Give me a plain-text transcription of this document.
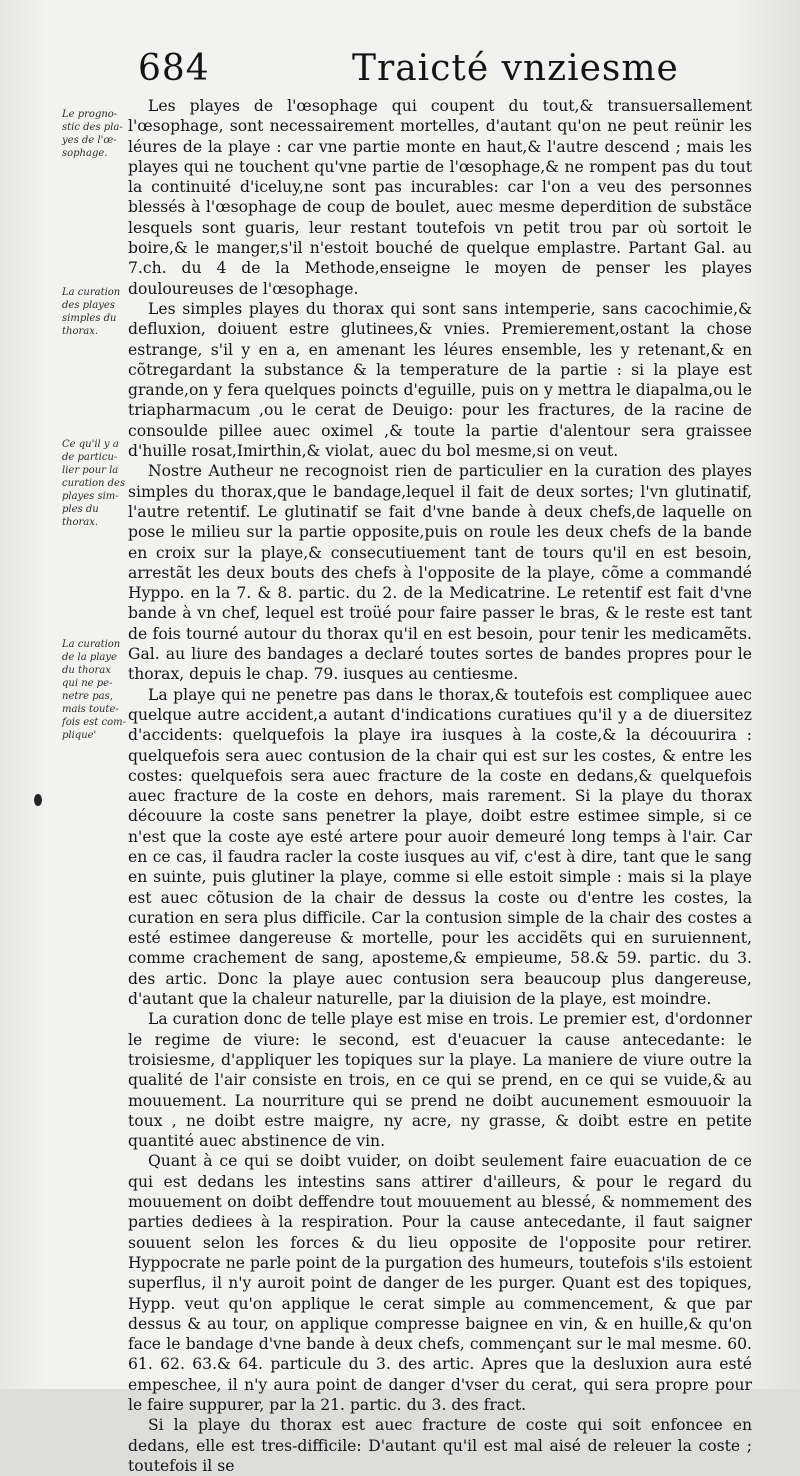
684	Traicté vnziesme
Le progno-
stic des pla-
yes de l'œ-
sophage.
La curation
des playes
simples du
thorax.
Ce qu'il y a
de particu-
lier pour la
curation des
playes sim-
ples du
thorax.
La curation
de la playe
du thorax
qui ne pe-
netre pas,
mais toute-
fois est com-
plique'

Les playes de l'œsophage qui coupent du tout,& transuersallement l'œsophage, sont necessairement mortelles, d'autant qu'on ne peut reünir les léures de la playe : car vne partie monte en haut,& l'autre descend ; mais les playes qui ne touchent qu'vne partie de l'œsophage,& ne rompent pas du tout la continuité d'iceluy,ne sont pas incurables: car l'on a veu des personnes blessés à l'œsophage de coup de boulet, auec mesme deperdition de substãce lesquels sont guaris, leur restant toutefois vn petit trou par où sortoit le boire,& le manger,s'il n'estoit bouché de quelque emplastre. Partant Gal. au 7.ch. du 4 de la Methode,enseigne le moyen de penser les playes douloureuses de l'œsophage.

Les simples playes du thorax qui sont sans intemperie, sans cacochimie,& defluxion, doiuent estre glutinees,& vnies. Premierement,ostant la chose estrange, s'il y en a, en amenant les léures ensemble, les y retenant,& en cõtregardant la substance & la temperature de la partie : si la playe est grande,on y fera quelques poincts d'eguille, puis on y mettra le diapalma,ou le triapharmacum ,ou le cerat de Deuigo: pour les fractures, de la racine de consoulde pillee auec oximel ,& toute la partie d'alentour sera graissee d'huille rosat,Imirthin,& violat, auec du bol mesme,si on veut.

Nostre Autheur ne recognoist rien de particulier en la curation des playes simples du thorax,que le bandage,lequel il fait de deux sortes; l'vn glutinatif, l'autre retentif. Le glutinatif se fait d'vne bande à deux chefs,de laquelle on pose le milieu sur la partie opposite,puis on roule les deux chefs de la bande en croix sur la playe,& consecutiuement tant de tours qu'il en est besoin, arrestãt les deux bouts des chefs à l'opposite de la playe, cõme a commandé Hyppo. en la 7. & 8. partic. du 2. de la Medicatrine. Le retentif est fait d'vne bande à vn chef, lequel est troüé pour faire passer le bras, & le reste est tant de fois tourné autour du thorax qu'il en est besoin, pour tenir les medicamẽts. Gal. au liure des bandages a declaré toutes sortes de bandes propres pour le thorax, depuis le chap. 79. iusques au centiesme.

La playe qui ne penetre pas dans le thorax,& toutefois est compliquee auec quelque autre accident,a autant d'indications curatiues qu'il y a de diuersitez d'accidents: quelquefois la playe ira iusques à la coste,& la découurira : quelquefois sera auec contusion de la chair qui est sur les costes, & entre les costes: quelquefois sera auec fracture de la coste en dedans,& quelquefois auec fracture de la coste en dehors, mais rarement. Si la playe du thorax découure la coste sans penetrer la playe, doibt estre estimee simple, si ce n'est que la coste aye esté artere pour auoir demeuré long temps à l'air. Car en ce cas, il faudra racler la coste iusques au vif, c'est à dire, tant que le sang en suinte, puis glutiner la playe, comme si elle estoit simple : mais si la playe est auec cõtusion de la chair de dessus la coste ou d'entre les costes, la curation en sera plus difficile. Car la contusion simple de la chair des costes a esté estimee dangereuse & mortelle, pour les accidẽts qui en suruiennent, comme crachement de sang, aposteme,& empieume, 58.& 59. partic. du 3. des artic. Donc la playe auec contusion sera beaucoup plus dangereuse, d'autant que la chaleur naturelle, par la diuision de la playe, est moindre.

La curation donc de telle playe est mise en trois. Le premier est, d'ordonner le regime de viure: le second, est d'euacuer la cause antecedante: le troisiesme, d'appliquer les topiques sur la playe. La maniere de viure outre la qualité de l'air consiste en trois, en ce qui se prend, en ce qui se vuide,& au mouuement. La nourriture qui se prend ne doibt aucunement esmouuoir la toux , ne doibt estre maigre, ny acre, ny grasse, & doibt estre en petite quantité auec abstinence de vin.

Quant à ce qui se doibt vuider, on doibt seulement faire euacuation de ce qui est dedans les intestins sans attirer d'ailleurs, & pour le regard du mouuement on doibt deffendre tout mouuement au blessé, & nommement des parties dediees à la respiration. Pour la cause antecedante, il faut saigner souuent selon les forces & du lieu opposite de l'opposite pour retirer. Hyppocrate ne parle point de la purgation des humeurs, toutefois s'ils estoient superflus, il n'y auroit point de danger de les purger. Quant est des topiques, Hypp. veut qu'on applique le cerat simple au commencement, & que par dessus & au tour, on applique compresse baignee en vin, & en huille,& qu'on face le bandage d'vne bande à deux chefs, commençant sur le mal mesme. 60. 61. 62. 63.& 64. particule du 3. des artic. Apres que la desluxion aura esté empeschee, il n'y aura point de danger d'vser du cerat, qui sera propre pour le faire suppurer, par la 21. partic. du 3. des fract.

Si la playe du thorax est auec fracture de coste qui soit enfoncee en dedans, elle est tres-difficile: D'autant qu'il est mal aisé de releuer la coste ; toutefois il se
